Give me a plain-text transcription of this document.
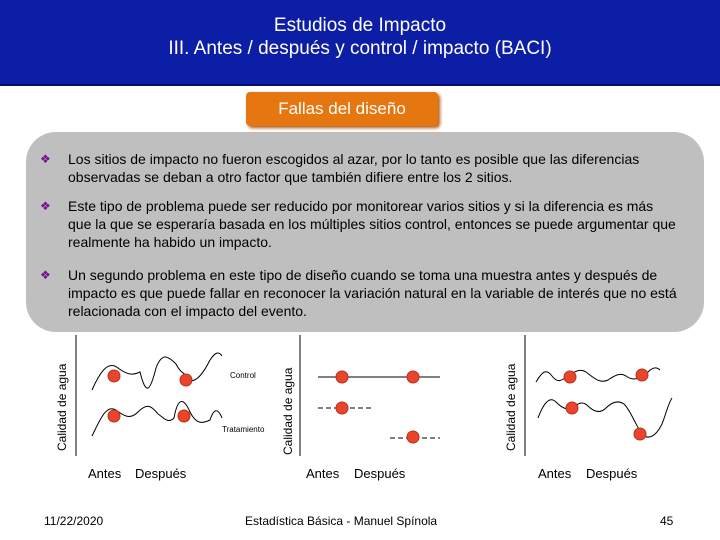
Estudios de Impacto
III. Antes / después y control / impacto (BACI)
Fallas del diseño
❖ Los sitios de impacto no fueron escogidos al azar, por lo tanto es posible que las diferencias observadas se deban a otro factor que también difiere entre los 2 sitios.
❖ Este tipo de problema puede ser reducido por monitorear varios sitios y si la diferencia es más que la que se esperaría basada en los múltiples sitios control, entonces se puede argumentar que realmente ha habido un impacto.
❖ Un segundo problema en este tipo de diseño cuando se toma una muestra antes y después de impacto es que puede fallar en reconocer la variación natural en la variable de interés que no está relacionada con el impacto del evento.
Calidad de agua	Control
Tratamiento
Antes Después
Calidad de agua
Antes Después
Calidad de agua
Antes Después
11/22/2020	Estadística Básica - Manuel Spínola	45
